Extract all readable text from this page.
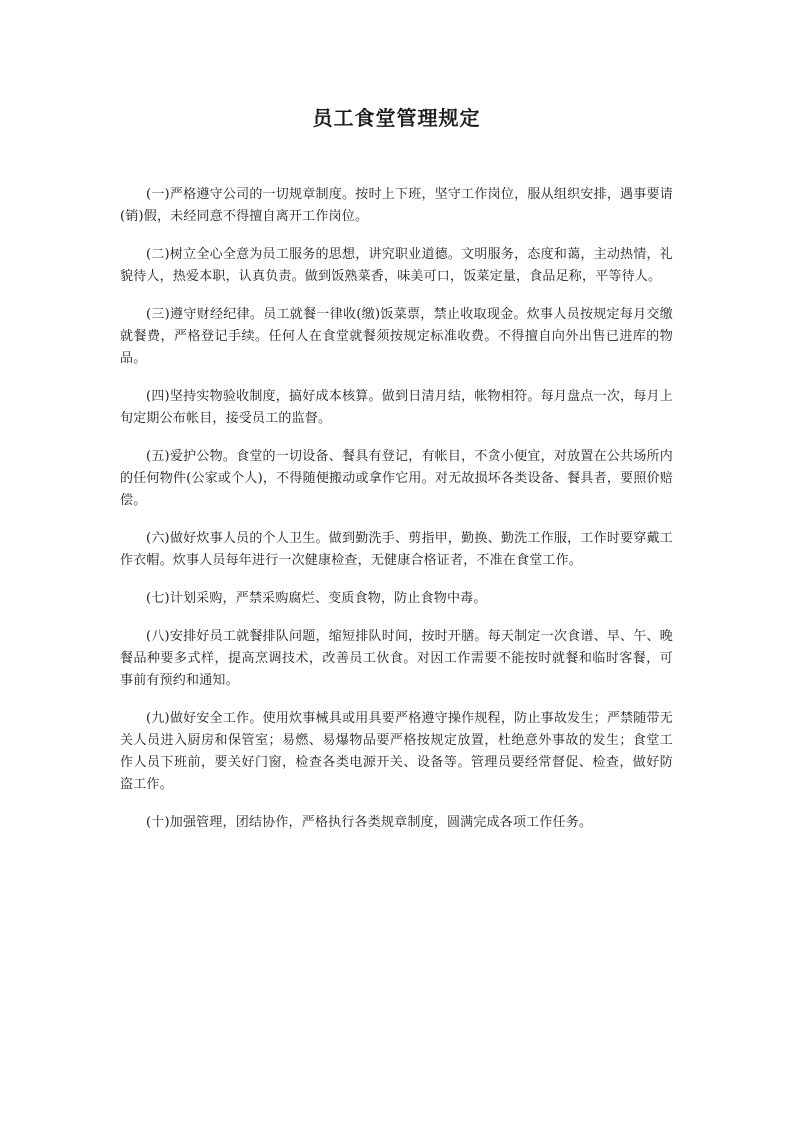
员工食堂管理规定

(一)严格遵守公司的一切规章制度。按时上下班，坚守工作岗位，服从组织安排，遇事要请(销)假，未经同意不得擅自离开工作岗位。

(二)树立全心全意为员工服务的思想，讲究职业道德。文明服务，态度和蔼，主动热情，礼貌待人，热爱本职，认真负责。做到饭熟菜香，味美可口，饭菜定量，食品足称，平等待人。

(三)遵守财经纪律。员工就餐一律收(缴)饭菜票，禁止收取现金。炊事人员按规定每月交缴就餐费，严格登记手续。任何人在食堂就餐须按规定标准收费。不得擅自向外出售已进库的物品。

(四)坚持实物验收制度，搞好成本核算。做到日清月结，帐物相符。每月盘点一次，每月上旬定期公布帐目，接受员工的监督。

(五)爱护公物。食堂的一切设备、餐具有登记，有帐目，不贪小便宜，对放置在公共场所内的任何物件(公家或个人)，不得随便搬动或拿作它用。对无故损坏各类设备、餐具者，要照价赔偿。

(六)做好炊事人员的个人卫生。做到勤洗手、剪指甲，勤换、勤洗工作服，工作时要穿戴工作衣帽。炊事人员每年进行一次健康检查，无健康合格证者，不准在食堂工作。

(七)计划采购，严禁采购腐烂、变质食物，防止食物中毒。

(八)安排好员工就餐排队问题，缩短排队时间，按时开膳。每天制定一次食谱、早、午、晚餐品种要多式样，提高烹调技术，改善员工伙食。对因工作需要不能按时就餐和临时客餐，可事前有预约和通知。

(九)做好安全工作。使用炊事械具或用具要严格遵守操作规程，防止事故发生；严禁随带无关人员进入厨房和保管室；易燃、易爆物品要严格按规定放置，杜绝意外事故的发生；食堂工作人员下班前，要关好门窗，检查各类电源开关、设备等。管理员要经常督促、检查，做好防盗工作。

(十)加强管理，团结协作，严格执行各类规章制度，圆满完成各项工作任务。
